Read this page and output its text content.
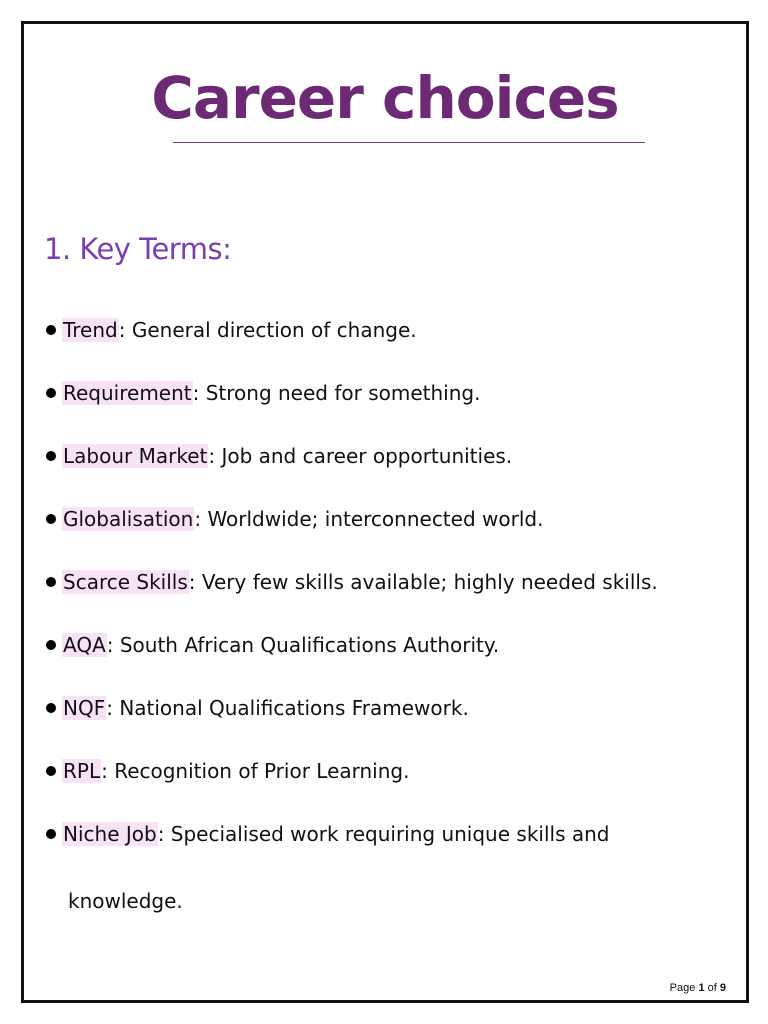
Career choices
1. Key Terms:
Trend: General direction of change.
Requirement: Strong need for something.
Labour Market: Job and career opportunities.
Globalisation: Worldwide; interconnected world.
Scarce Skills: Very few skills available; highly needed skills.
AQA: South African Qualifications Authority.
NQF: National Qualifications Framework.
RPL: Recognition of Prior Learning.
Niche Job: Specialised work requiring unique skills and
knowledge.
Page 1 of 9
